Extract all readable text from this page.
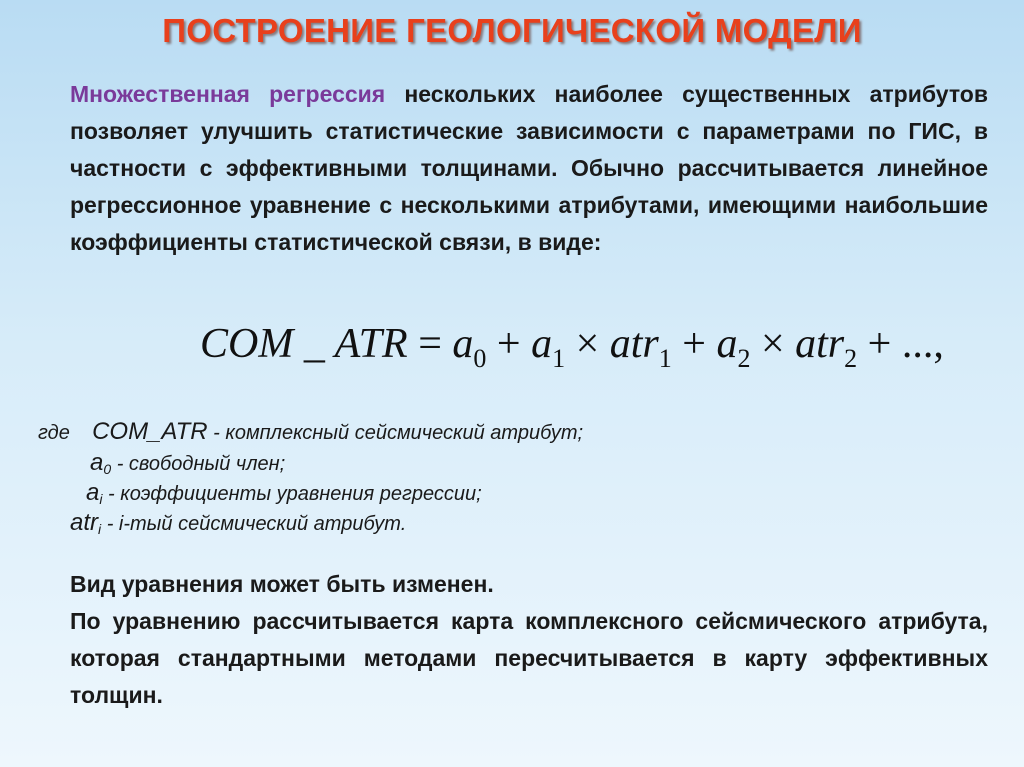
ПОСТРОЕНИЕ ГЕОЛОГИЧЕСКОЙ МОДЕЛИ
Множественная регрессия нескольких наиболее существенных атрибутов позволяет улучшить статистические зависимости с параметрами по ГИС, в частности с эффективными толщинами. Обычно рассчитывается линейное регрессионное уравнение с несколькими атрибутами, имеющими наибольшие коэффициенты статистической связи, в виде:
COM _ ATR = $a_0 + a_1 \times atr_1 + a_2 \times atr_2$ + ...,
где COM_ATR - комплексный сейсмический атрибут;
$a_0$ - свободный член;
$a_i$ - коэффициенты уравнения регрессии;
atr$_i$ - i-тый сейсмический атрибут.
Вид уравнения может быть изменен.
По уравнению рассчитывается карта комплексного сейсмического атрибута, которая стандартными методами пересчитывается в карту эффективных толщин.
